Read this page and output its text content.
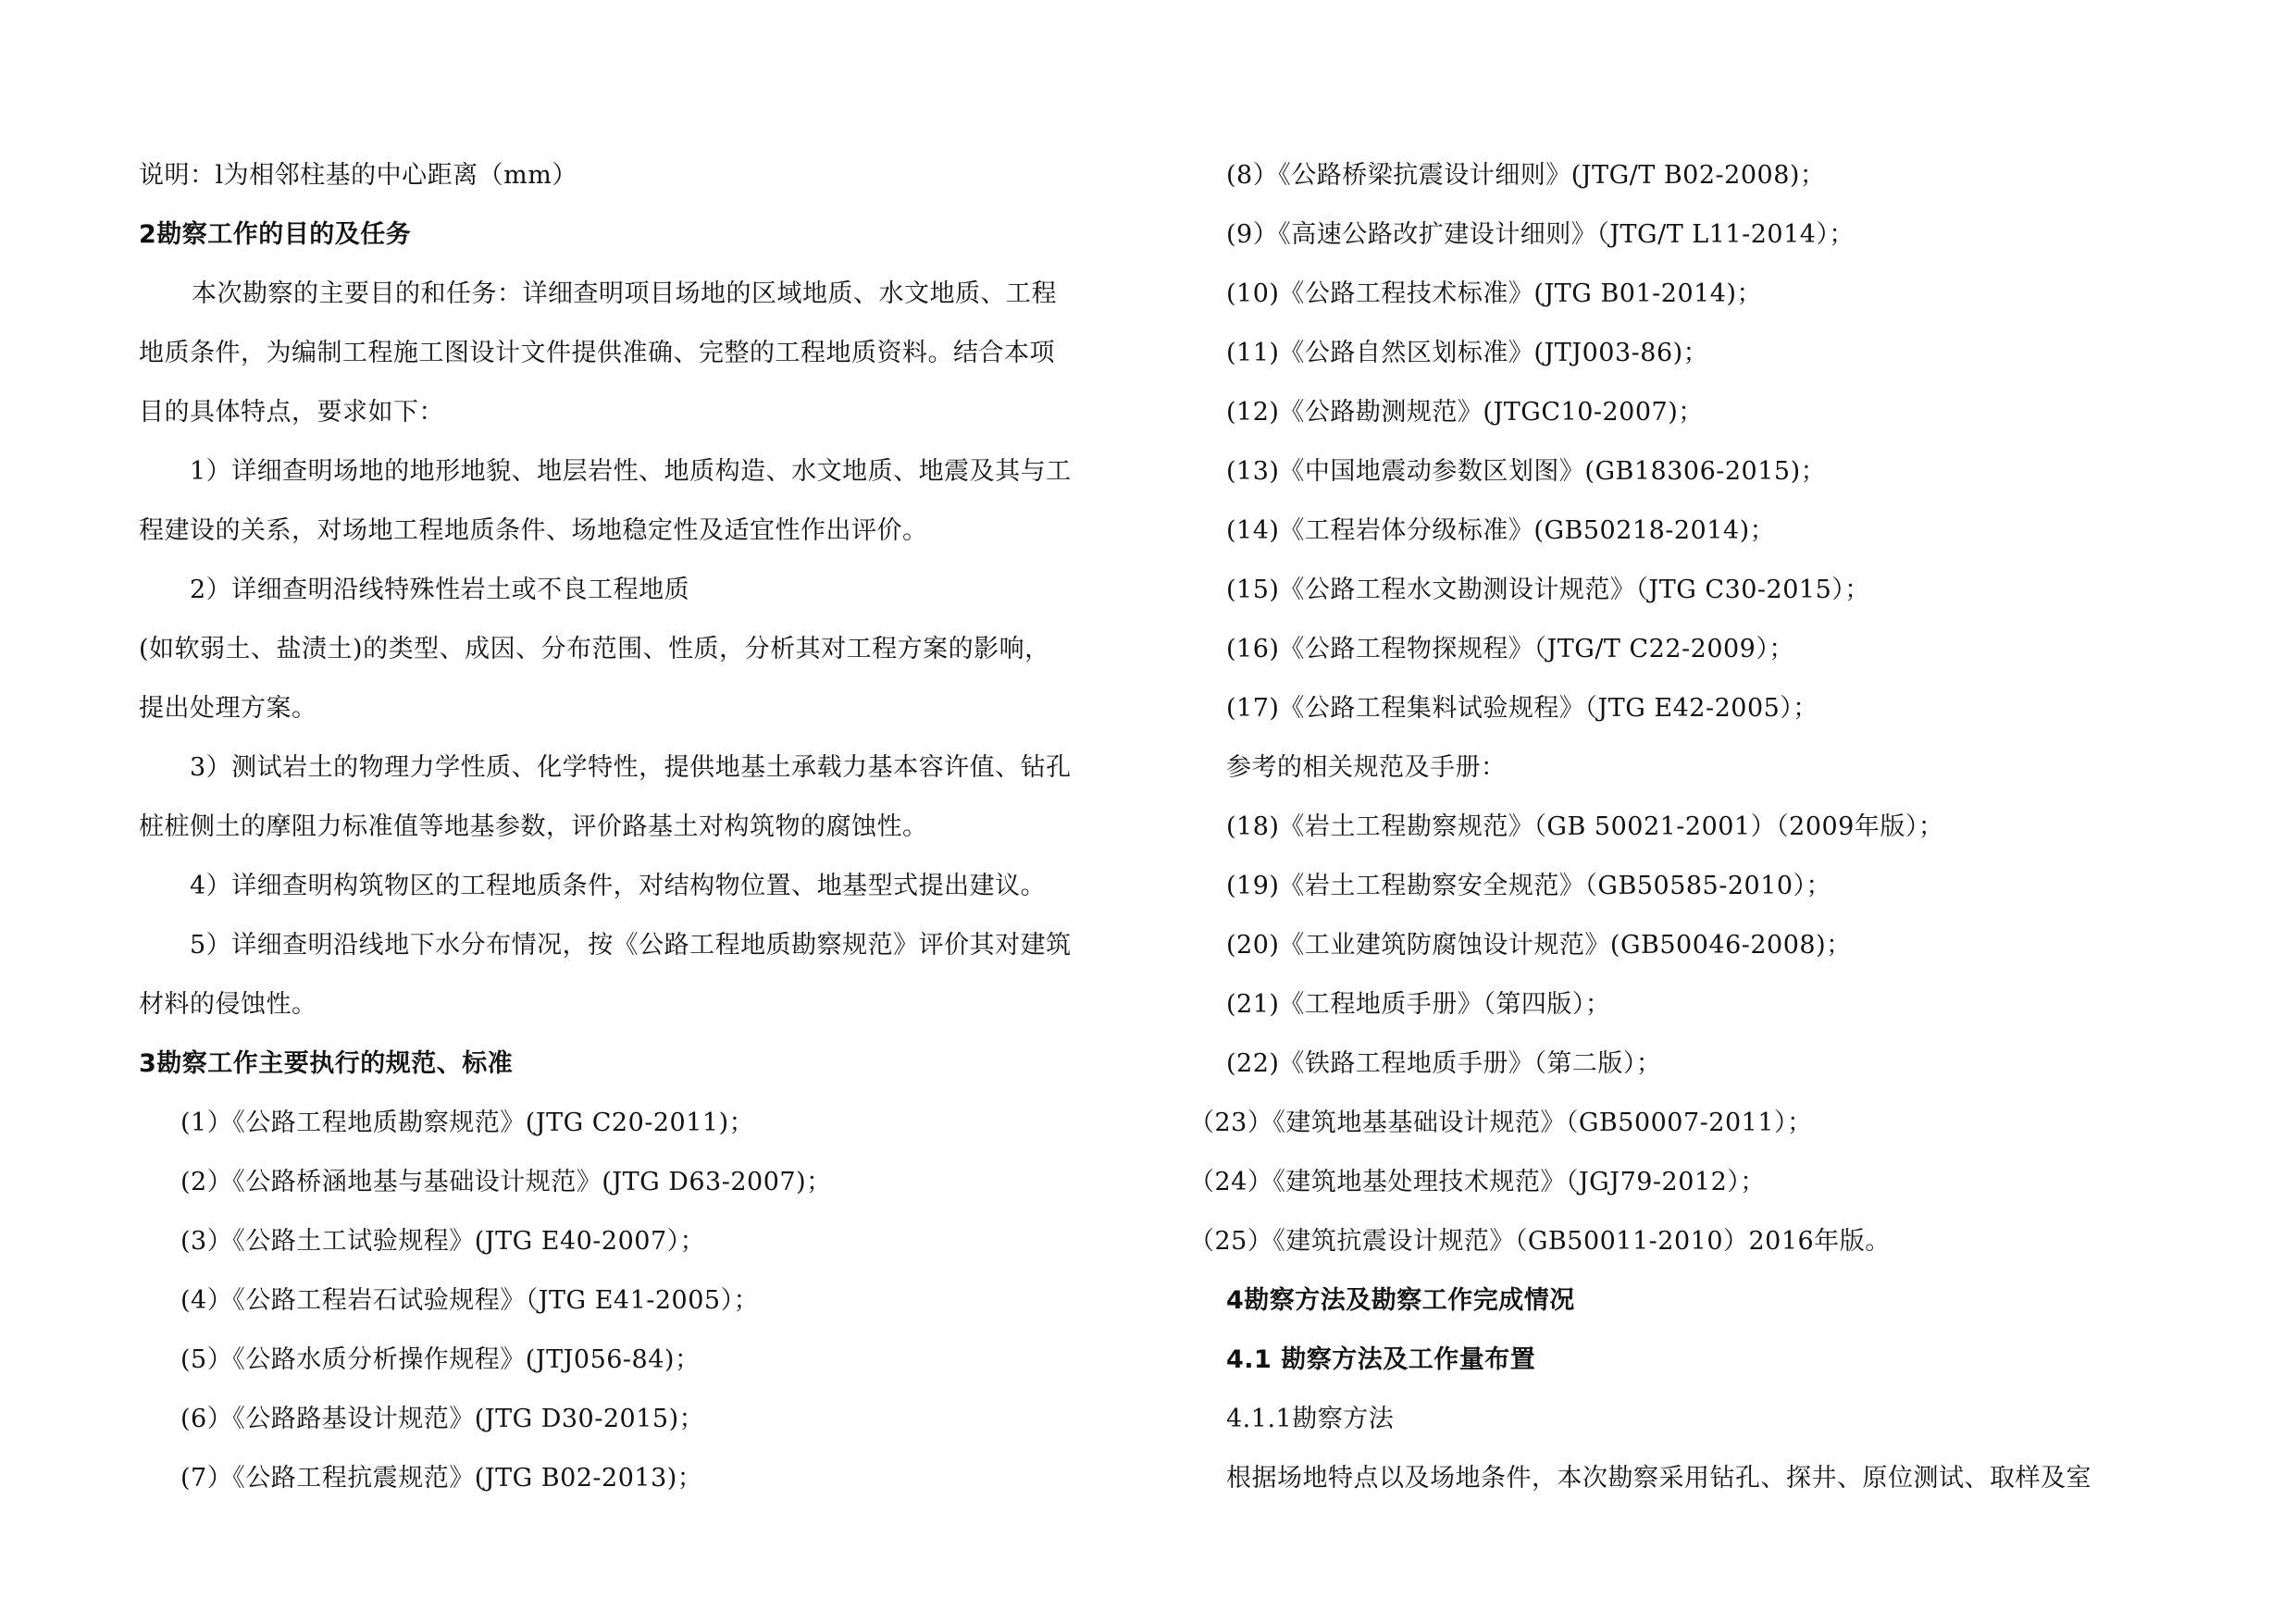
说明：l为相邻柱基的中心距离（mm）
2勘察工作的目的及任务
本次勘察的主要目的和任务：详细查明项目场地的区域地质、水文地质、工程
地质条件，为编制工程施工图设计文件提供准确、完整的工程地质资料。结合本项
目的具体特点，要求如下：
1）详细查明场地的地形地貌、地层岩性、地质构造、水文地质、地震及其与工
程建设的关系，对场地工程地质条件、场地稳定性及适宜性作出评价。
2）详细查明沿线特殊性岩土或不良工程地质
(如软弱土、盐渍土)的类型、成因、分布范围、性质，分析其对工程方案的影响，
提出处理方案。
3）测试岩土的物理力学性质、化学特性，提供地基土承载力基本容许值、钻孔
桩桩侧土的摩阻力标准值等地基参数，评价路基土对构筑物的腐蚀性。
4）详细查明构筑物区的工程地质条件，对结构物位置、地基型式提出建议。
5）详细查明沿线地下水分布情况，按《公路工程地质勘察规范》评价其对建筑
材料的侵蚀性。
3勘察工作主要执行的规范、标准
(1）《公路工程地质勘察规范》(JTG C20-2011)；
(2）《公路桥涵地基与基础设计规范》(JTG D63-2007)；
(3）《公路土工试验规程》(JTG E40-2007）；
(4）《公路工程岩石试验规程》（JTG E41-2005）；
(5）《公路水质分析操作规程》(JTJ056-84)；
(6）《公路路基设计规范》(JTG D30-2015)；
(7）《公路工程抗震规范》(JTG B02-2013)；
(8）《公路桥梁抗震设计细则》(JTG/T B02-2008)；
(9）《高速公路改扩建设计细则》（JTG/T L11-2014）；
(10)《公路工程技术标准》(JTG B01-2014)；
(11)《公路自然区划标准》(JTJ003-86)；
(12)《公路勘测规范》(JTGC10-2007)；
(13)《中国地震动参数区划图》(GB18306-2015)；
(14)《工程岩体分级标准》(GB50218-2014)；
(15)《公路工程水文勘测设计规范》（JTG C30-2015）；
(16)《公路工程物探规程》（JTG/T C22-2009）；
(17)《公路工程集料试验规程》（JTG E42-2005）；
参考的相关规范及手册：
(18)《岩土工程勘察规范》（GB 50021-2001）（2009年版）；
(19)《岩土工程勘察安全规范》（GB50585-2010）；
(20)《工业建筑防腐蚀设计规范》(GB50046-2008)；
(21)《工程地质手册》（第四版）；
(22)《铁路工程地质手册》（第二版）；
（23）《建筑地基基础设计规范》（GB50007-2011）；
（24）《建筑地基处理技术规范》（JGJ79-2012）；
（25）《建筑抗震设计规范》（GB50011-2010）2016年版。
4勘察方法及勘察工作完成情况
4.1 勘察方法及工作量布置
4.1.1勘察方法
根据场地特点以及场地条件，本次勘察采用钻孔、探井、原位测试、取样及室
